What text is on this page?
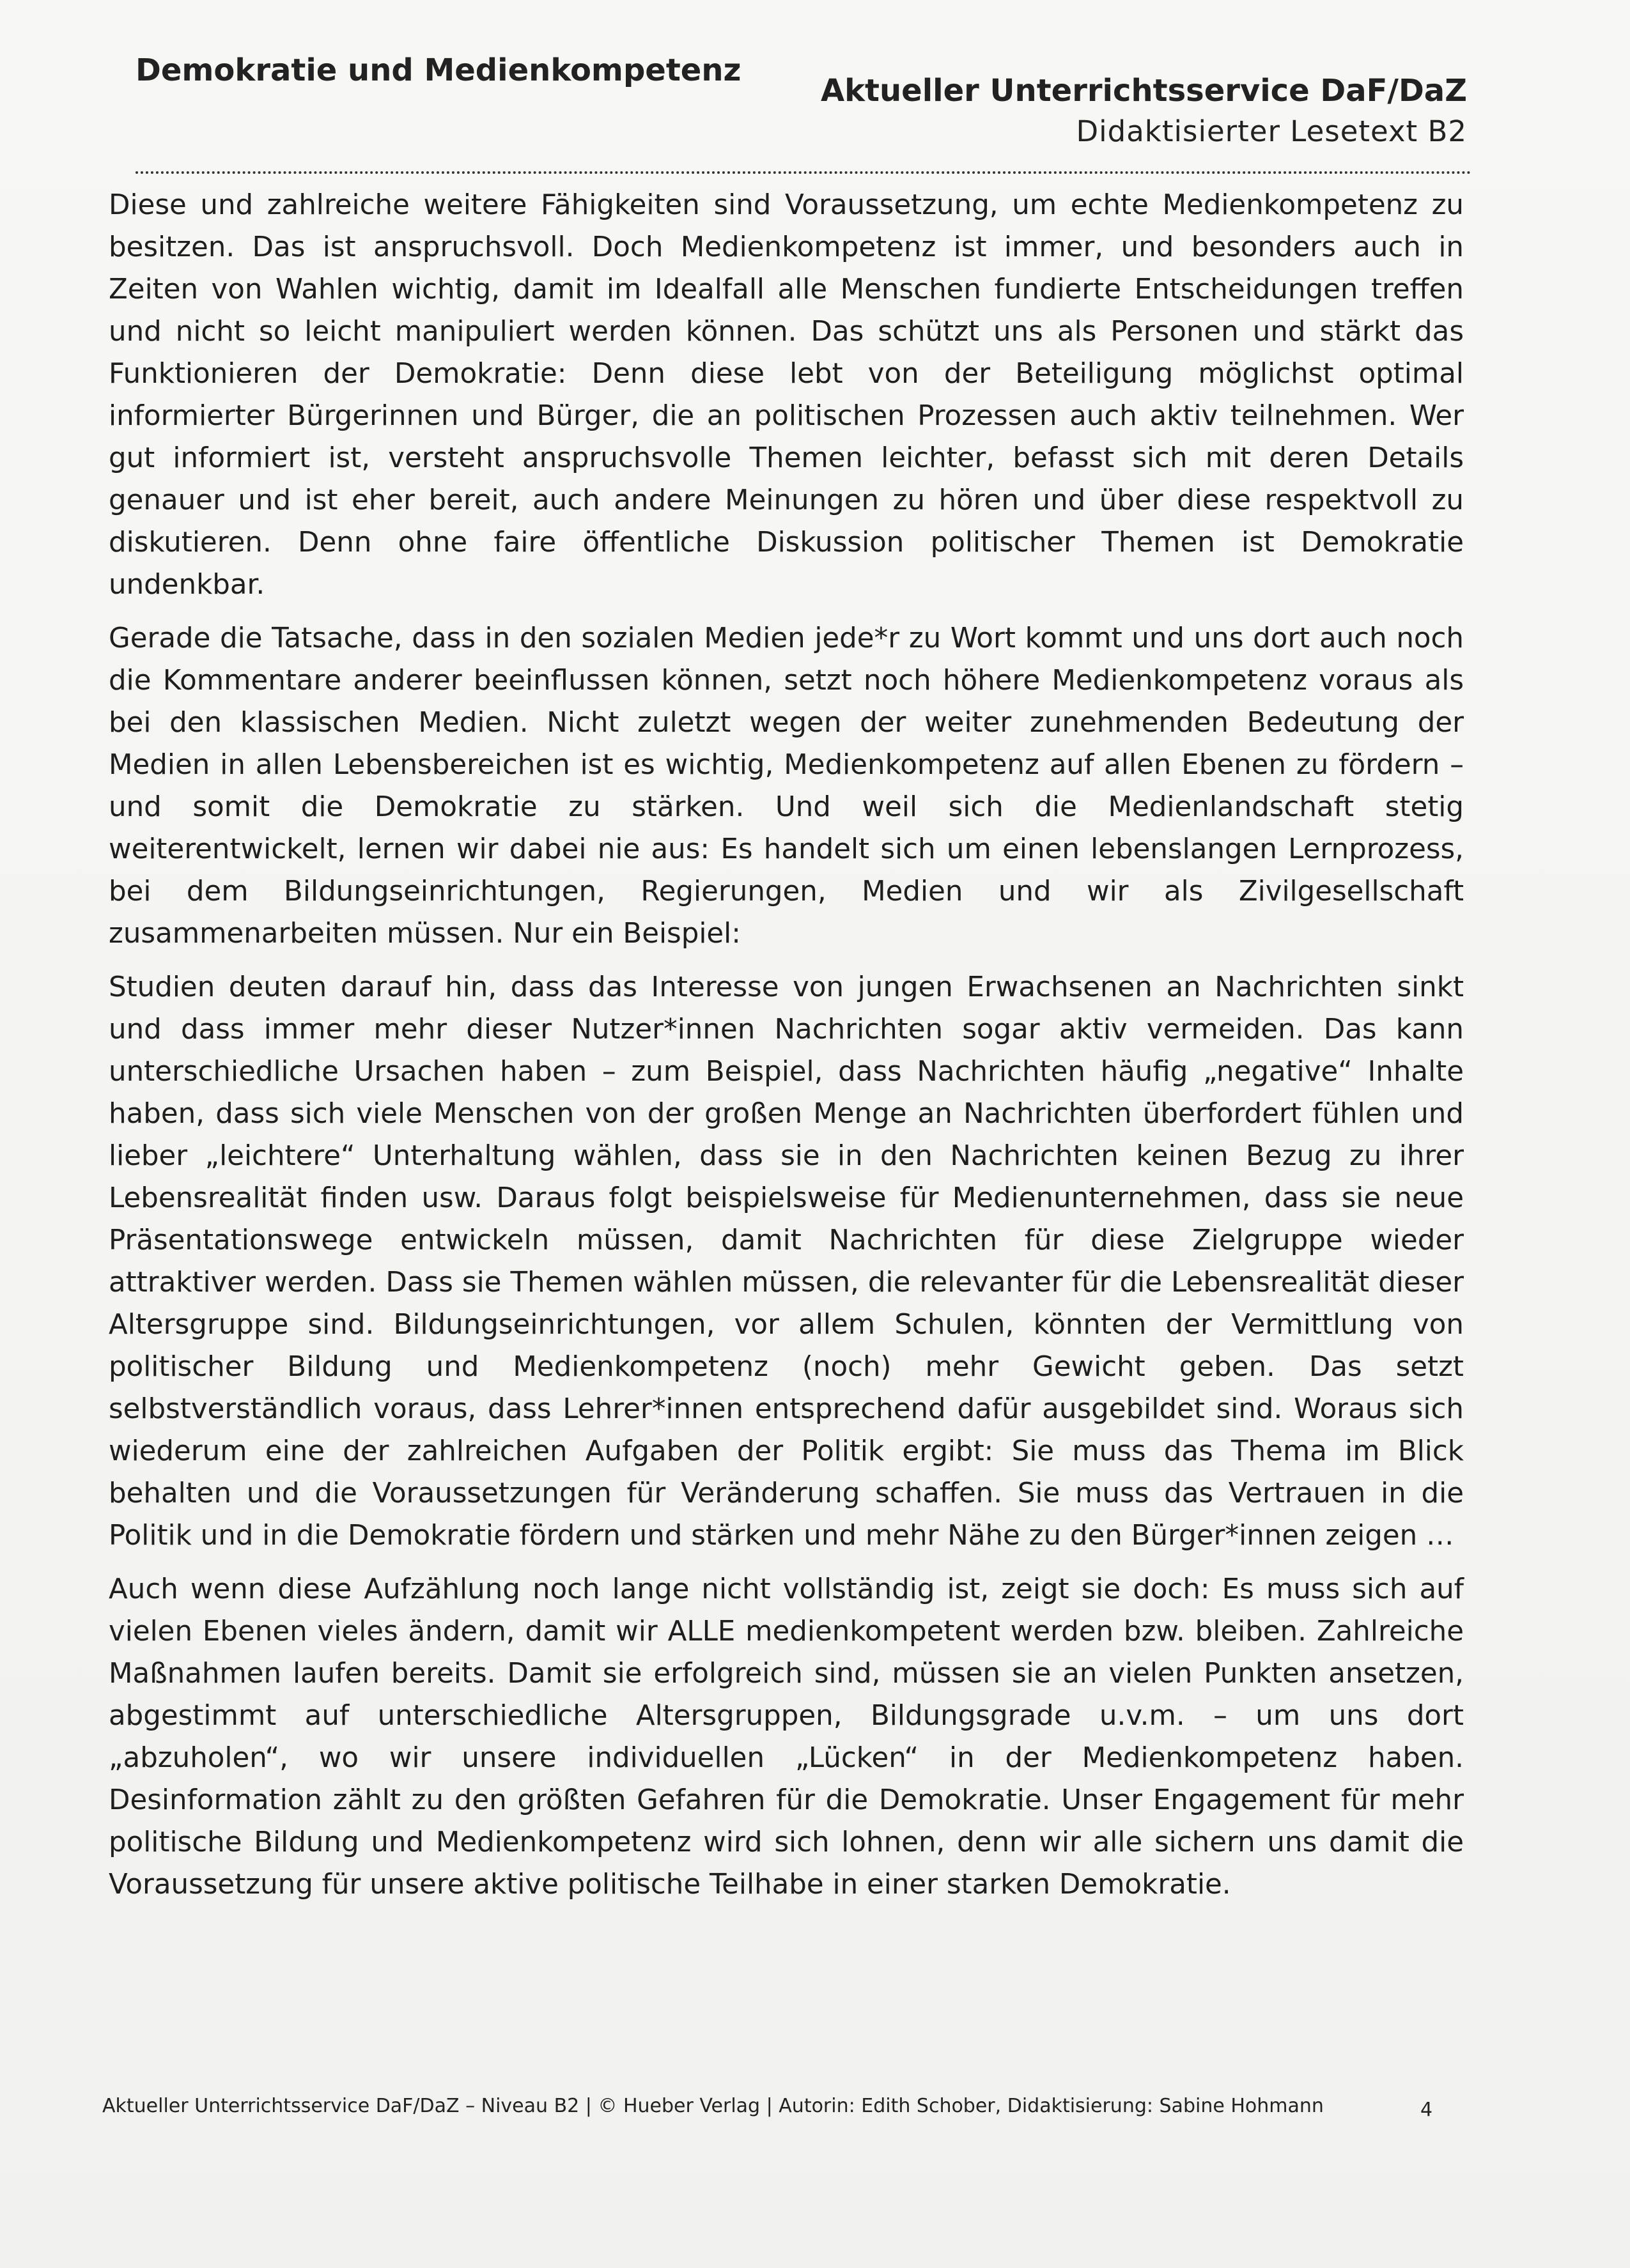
Demokratie und Medienkompetenz
Aktueller Unterrichtsservice DaF/DaZ
Didaktisierter Lesetext B2

Diese und zahlreiche weitere Fähigkeiten sind Voraussetzung, um echte Medienkompetenz zu besitzen. Das ist anspruchsvoll. Doch Medienkompetenz ist immer, und besonders auch in Zeiten von Wahlen wichtig, damit im Idealfall alle Menschen fundierte Entscheidungen treffen und nicht so leicht manipuliert werden können. Das schützt uns als Personen und stärkt das Funktionieren der Demokratie: Denn diese lebt von der Beteiligung möglichst optimal informierter Bürgerinnen und Bürger, die an politischen Prozessen auch aktiv teilnehmen. Wer gut informiert ist, versteht anspruchsvolle Themen leichter, befasst sich mit deren Details genauer und ist eher bereit, auch andere Meinungen zu hören und über diese respektvoll zu diskutieren. Denn ohne faire öffentliche Diskussion politischer Themen ist Demokratie undenkbar.

Gerade die Tatsache, dass in den sozialen Medien jede*r zu Wort kommt und uns dort auch noch die Kommentare anderer beeinflussen können, setzt noch höhere Medienkompetenz voraus als bei den klassischen Medien. Nicht zuletzt wegen der weiter zunehmenden Bedeutung der Medien in allen Lebensbereichen ist es wichtig, Medienkompetenz auf allen Ebenen zu fördern – und somit die Demokratie zu stärken. Und weil sich die Medienlandschaft stetig weiterentwickelt, lernen wir dabei nie aus: Es handelt sich um einen lebenslangen Lernprozess, bei dem Bildungseinrichtungen, Regierungen, Medien und wir als Zivilgesellschaft zusammenarbeiten müssen. Nur ein Beispiel:

Studien deuten darauf hin, dass das Interesse von jungen Erwachsenen an Nachrichten sinkt und dass immer mehr dieser Nutzer*innen Nachrichten sogar aktiv vermeiden. Das kann unterschiedliche Ursachen haben – zum Beispiel, dass Nachrichten häufig „negative“ Inhalte haben, dass sich viele Menschen von der großen Menge an Nachrichten überfordert fühlen und lieber „leichtere“ Unterhaltung wählen, dass sie in den Nachrichten keinen Bezug zu ihrer Lebensrealität finden usw. Daraus folgt beispielsweise für Medienunternehmen, dass sie neue Präsentationswege entwickeln müssen, damit Nachrichten für diese Zielgruppe wieder attraktiver werden. Dass sie Themen wählen müssen, die relevanter für die Lebensrealität dieser Altersgruppe sind. Bildungseinrichtungen, vor allem Schulen, könnten der Vermittlung von politischer Bildung und Medienkompetenz (noch) mehr Gewicht geben. Das setzt selbstverständlich voraus, dass Lehrer*innen entsprechend dafür ausgebildet sind. Woraus sich wiederum eine der zahlreichen Aufgaben der Politik ergibt: Sie muss das Thema im Blick behalten und die Voraussetzungen für Veränderung schaffen. Sie muss das Vertrauen in die Politik und in die Demokratie fördern und stärken und mehr Nähe zu den Bürger*innen zeigen …

Auch wenn diese Aufzählung noch lange nicht vollständig ist, zeigt sie doch: Es muss sich auf vielen Ebenen vieles ändern, damit wir ALLE medienkompetent werden bzw. bleiben. Zahlreiche Maßnahmen laufen bereits. Damit sie erfolgreich sind, müssen sie an vielen Punkten ansetzen, abgestimmt auf unterschiedliche Altersgruppen, Bildungsgrade u.v.m. – um uns dort „abzuholen“, wo wir unsere individuellen „Lücken“ in der Medienkompetenz haben. Desinformation zählt zu den größten Gefahren für die Demokratie. Unser Engagement für mehr politische Bildung und Medienkompetenz wird sich lohnen, denn wir alle sichern uns damit die Voraussetzung für unsere aktive politische Teilhabe in einer starken Demokratie.

Aktueller Unterrichtsservice DaF/DaZ – Niveau B2 | © Hueber Verlag | Autorin: Edith Schober, Didaktisierung: Sabine Hohmann	4
